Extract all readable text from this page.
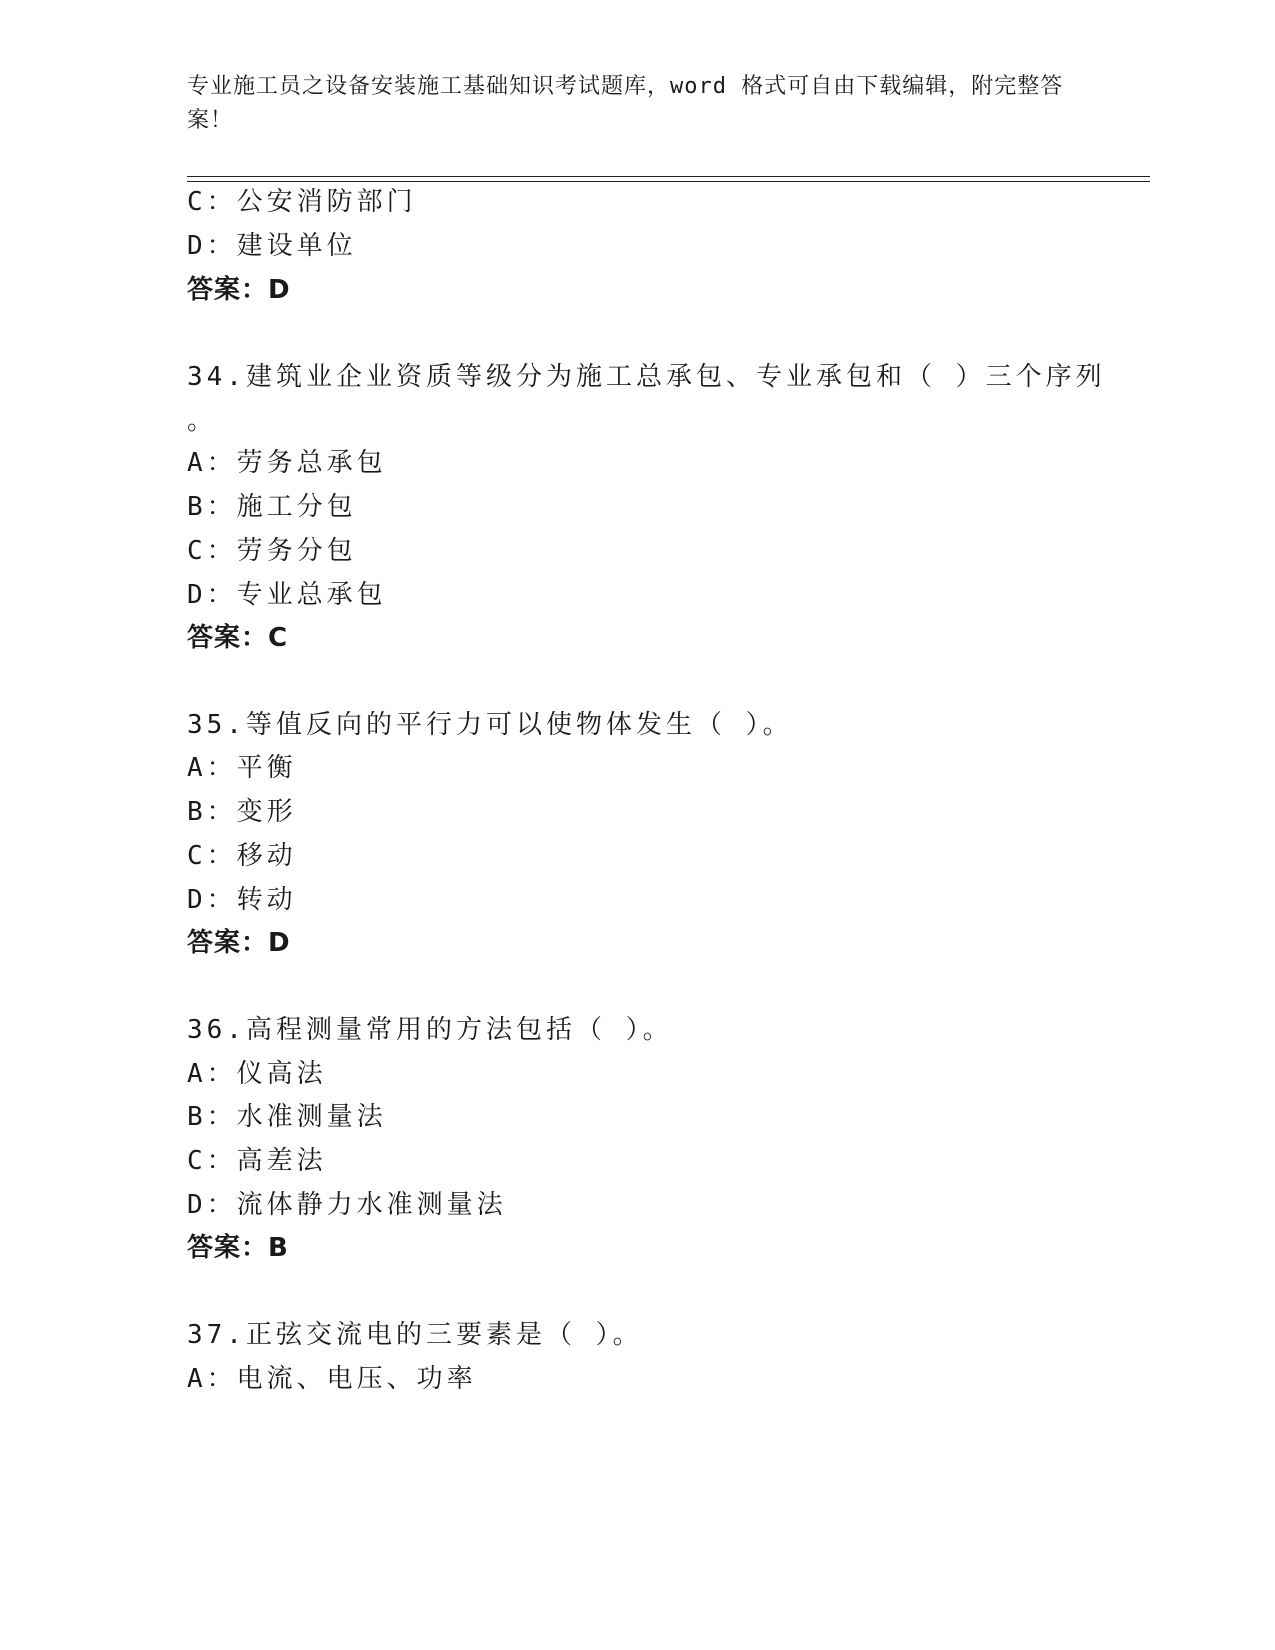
专业施工员之设备安装施工基础知识考试题库，word 格式可自由下载编辑，附完整答案！
C：公安消防部门
D：建设单位
答案：D
34.建筑业企业资质等级分为施工总承包、专业承包和（ ）三个序列
。
A：劳务总承包
B：施工分包
C：劳务分包
D：专业总承包
答案：C
35.等值反向的平行力可以使物体发生（ ）。
A：平衡
B：变形
C：移动
D：转动
答案：D
36.高程测量常用的方法包括（ ）。
A：仪高法
B：水准测量法
C：高差法
D：流体静力水准测量法
答案：B
37.正弦交流电的三要素是（ ）。
A：电流、电压、功率
